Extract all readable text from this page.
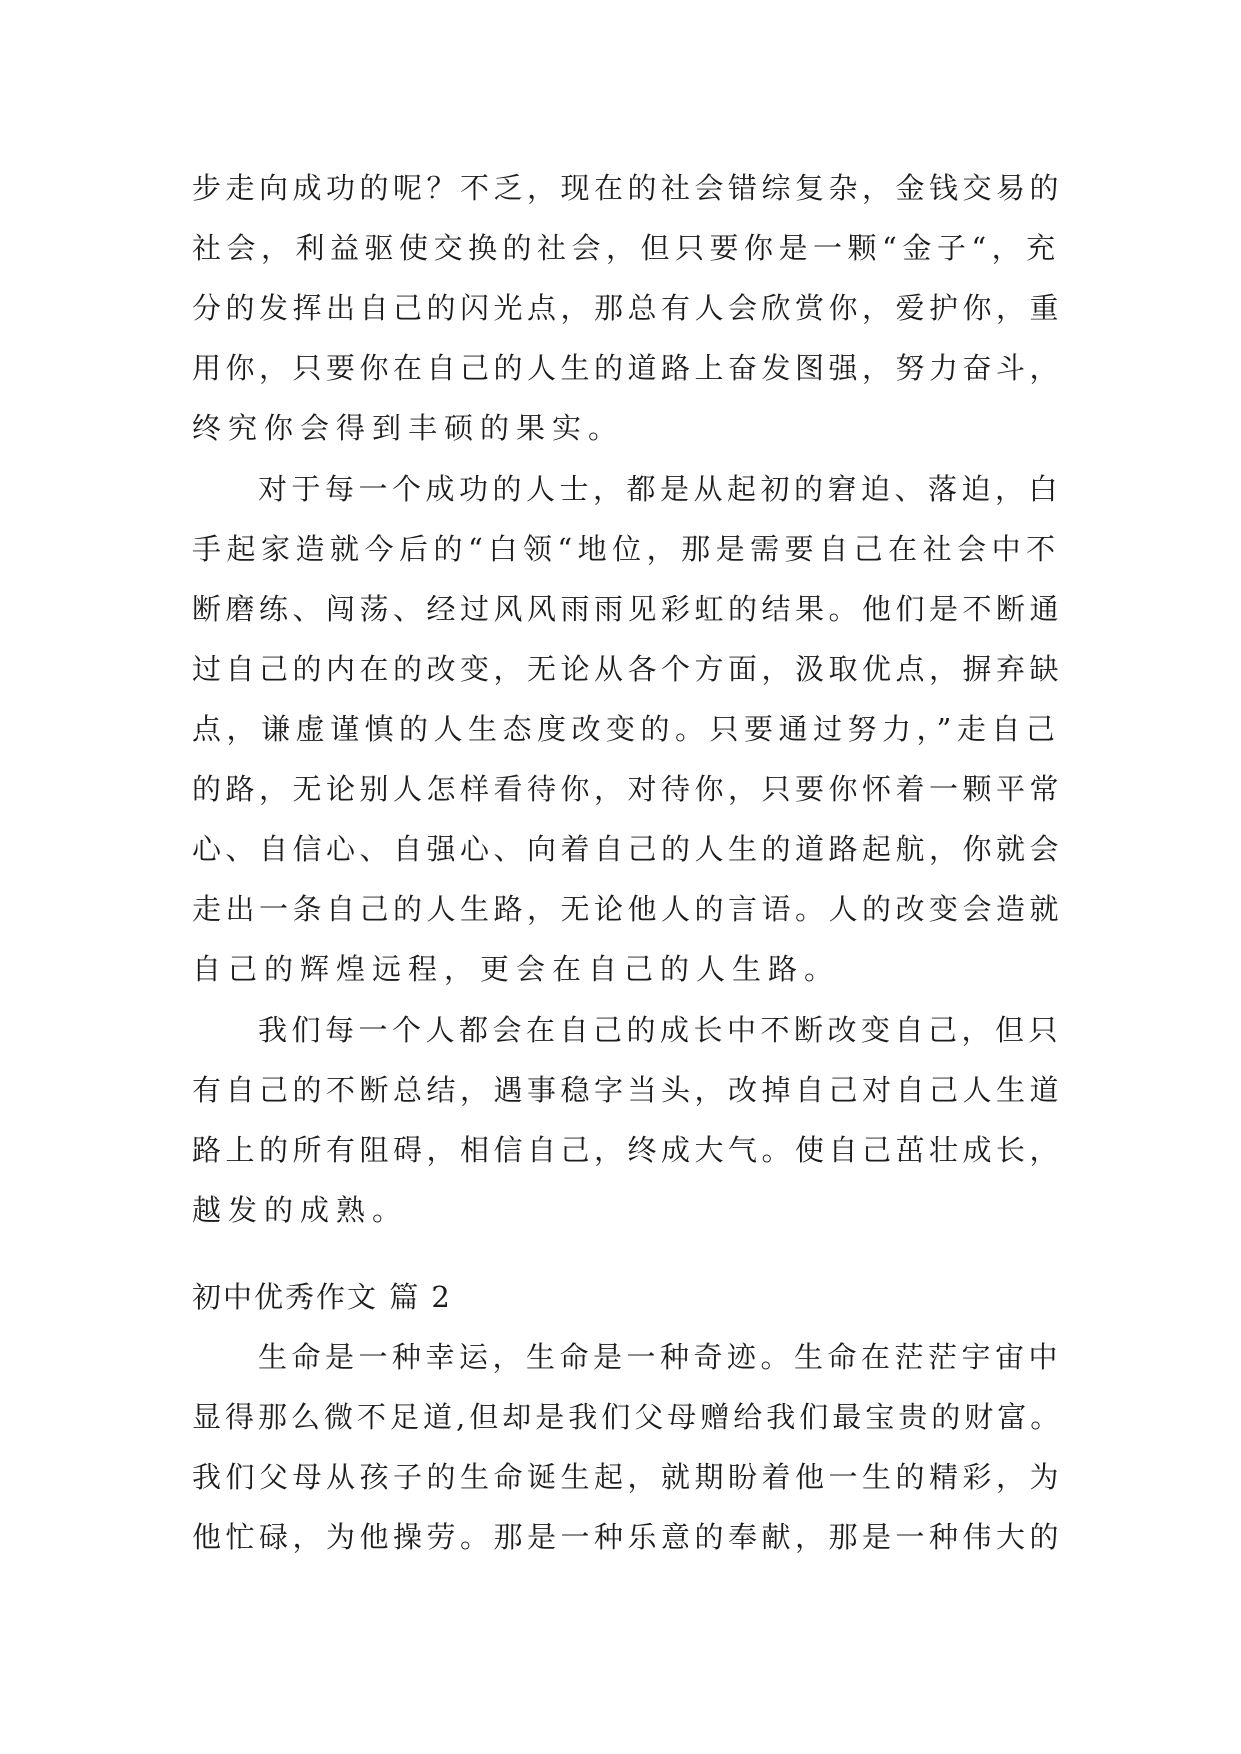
步走向成功的呢？不乏，现在的社会错综复杂，金钱交易的
社会，利益驱使交换的社会，但只要你是一颗“金子“，充
分的发挥出自己的闪光点，那总有人会欣赏你，爱护你，重
用你，只要你在自己的人生的道路上奋发图强，努力奋斗，
终究你会得到丰硕的果实。
对于每一个成功的人士，都是从起初的窘迫、落迫，白
手起家造就今后的“白领“地位，那是需要自己在社会中不
断磨练、闯荡、经过风风雨雨见彩虹的结果。他们是不断通
过自己的内在的改变，无论从各个方面，汲取优点，摒弃缺
点，谦虚谨慎的人生态度改变的。只要通过努力，”走自己
的路，无论别人怎样看待你，对待你，只要你怀着一颗平常
心、自信心、自强心、向着自己的人生的道路起航，你就会
走出一条自己的人生路，无论他人的言语。人的改变会造就
自己的辉煌远程，更会在自己的人生路。
我们每一个人都会在自己的成长中不断改变自己，但只
有自己的不断总结，遇事稳字当头，改掉自己对自己人生道
路上的所有阻碍，相信自己，终成大气。使自己茁壮成长，
越发的成熟。
初中优秀作文 篇 2
生命是一种幸运，生命是一种奇迹。生命在茫茫宇宙中
显得那么微不足道,但却是我们父母赠给我们最宝贵的财富。
我们父母从孩子的生命诞生起，就期盼着他一生的精彩，为
他忙碌，为他操劳。那是一种乐意的奉献，那是一种伟大的
